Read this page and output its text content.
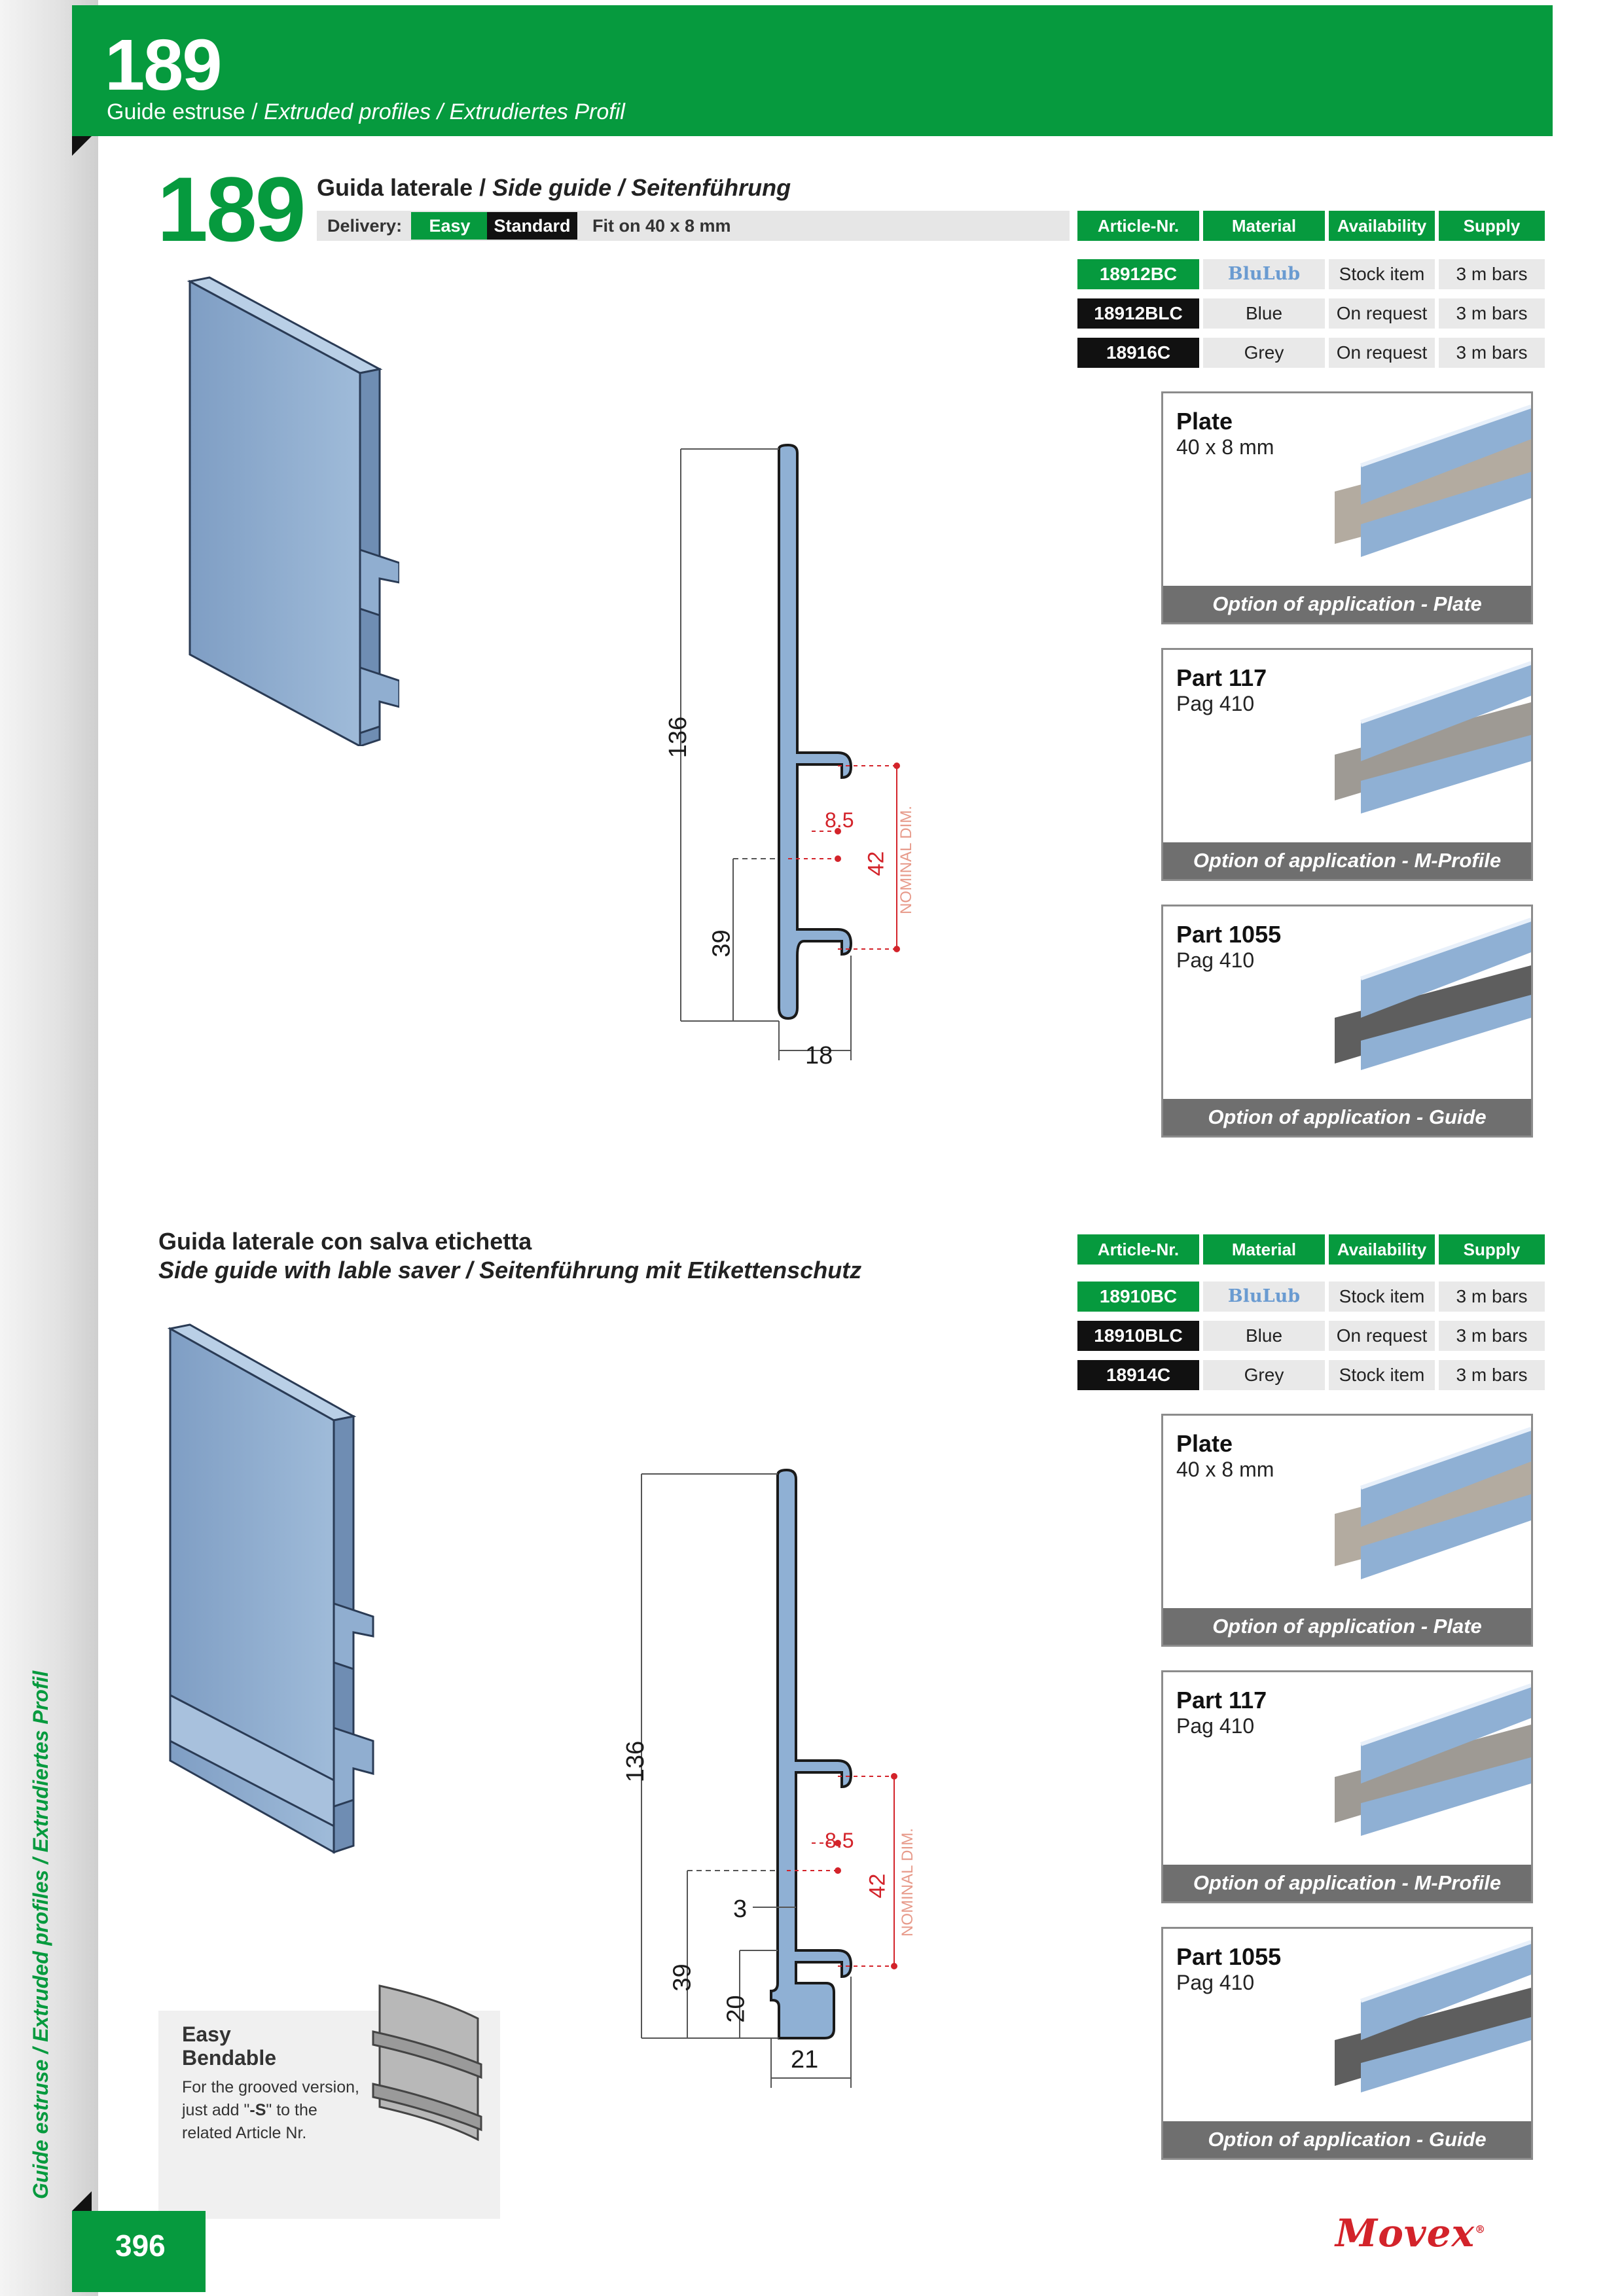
189
Guide estruse / Extruded profiles / Extrudiertes Profil
189 Guida laterale / Side guide / Seitenführung
Delivery:	Easy	Standard	Fit on 40 x 8 mm	Article-Nr.	Material	Availability	Supply
18912BC	BluLub	Stock item	3 m bars
18912BLC	Blue	On request	3 m bars
18916C	Grey	On request	3 m bars
136
39
8.5
42 NOMINAL DIM.
18
Plate
40 x 8 mm
Option of application - Plate
Part 117
Pag 410
Option of application - M-Profile
Part 1055
Pag 410
Option of application - Guide
Guida laterale con salva etichetta
Side guide with lable saver / Seitenführung mit Etikettenschutz
Article-Nr.	Material	Availability	Supply
18910BC	BluLub	Stock item	3 m bars
18910BLC	Blue	On request	3 m bars
18914C	Grey	Stock item	3 m bars
136
39
20
3
8.5
42 NOMINAL DIM.
21
Plate
40 x 8 mm
Option of application - Plate
Part 117
Pag 410
Option of application - M-Profile
Part 1055
Pag 410
Option of application - Guide
Easy
Bendable
For the grooved version,
just add "-S" to the
related Article Nr.
Guide estruse / Extruded profiles / Extrudiertes Profil
396	Movex®
